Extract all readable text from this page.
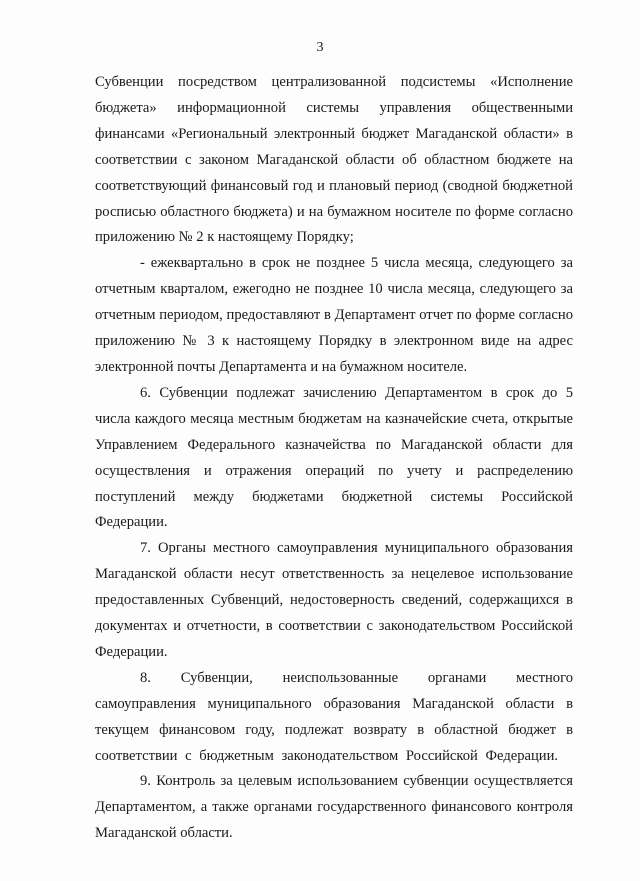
3

Субвенции посредством централизованной подсистемы «Исполнение бюджета» информационной системы управления общественными финансами «Региональный электронный бюджет Магаданской области» в соответствии с законом Магаданской области об областном бюджете на соответствующий финансовый год и плановый период (сводной бюджетной росписью областного бюджета) и на бумажном носителе по форме согласно приложению № 2 к настоящему Порядку;

- ежеквартально в срок не позднее 5 числа месяца, следующего за отчетным кварталом, ежегодно не позднее 10 числа месяца, следующего за отчетным периодом, предоставляют в Департамент отчет по форме согласно приложению № 3 к настоящему Порядку в электронном виде на адрес электронной почты Департамента и на бумажном носителе.

6. Субвенции подлежат зачислению Департаментом в срок до 5 числа каждого месяца местным бюджетам на казначейские счета, открытые Управлением Федерального казначейства по Магаданской области для осуществления и отражения операций по учету и распределению поступлений между бюджетами бюджетной системы Российской Федерации.

7. Органы местного самоуправления муниципального образования Магаданской области несут ответственность за нецелевое использование предоставленных Субвенций, недостоверность сведений, содержащихся в документах и отчетности, в соответствии с законодательством Российской Федерации.

8. Субвенции, неиспользованные органами местного самоуправления муниципального образования Магаданской области в текущем финансовом году, подлежат возврату в областной бюджет в соответствии с бюджетным законодательством Российской Федерации.

9. Контроль за целевым использованием субвенции осуществляется Департаментом, а также органами государственного финансового контроля Магаданской области.
